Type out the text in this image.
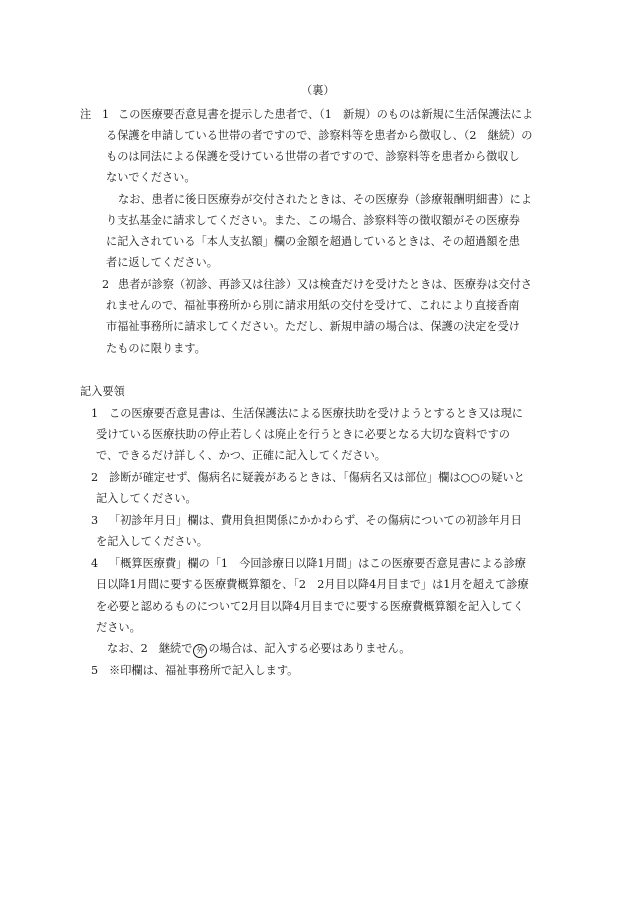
（裏）
注 1 この医療要否意見書を提示した患者で、（1　新規）のものは新規に生活保護法によ
る保護を申請している世帯の者ですので、診察料等を患者から徴収し、（2　継続）の
ものは同法による保護を受けている世帯の者ですので、診察料等を患者から徴収し
ないでください。
なお、患者に後日医療券が交付されたときは、その医療券（診療報酬明細書）によ
り支払基金に請求してください。また、この場合、診察料等の徴収額がその医療券
に記入されている「本人支払額」欄の金額を超過しているときは、その超過額を患
者に返してください。
2 患者が診察（初診、再診又は往診）又は検査だけを受けたときは、医療券は交付さ
れませんので、福祉事務所から別に請求用紙の交付を受けて、これにより直接香南
市福祉事務所に請求してください。ただし、新規申請の場合は、保護の決定を受け
たものに限ります。
記入要領
1 この医療要否意見書は、生活保護法による医療扶助を受けようとするとき又は現に
受けている医療扶助の停止若しくは廃止を行うときに必要となる大切な資料ですの
で、できるだけ詳しく、かつ、正確に記入してください。
2 診断が確定せず、傷病名に疑義があるときは、「傷病名又は部位」欄は○○の疑いと
記入してください。
3 「初診年月日」欄は、費用負担関係にかかわらず、その傷病についての初診年月日
を記入してください。
4 「概算医療費」欄の「1　今回診療日以降1月間」はこの医療要否意見書による診療
日以降1月間に要する医療費概算額を、「2　2月目以降4月目まで」は1月を超えて診療
を必要と認めるものについて2月目以降4月目までに要する医療費概算額を記入してく
ださい。
なお、2　継続で 外 の場合は、記入する必要はありません。
5 ※印欄は、福祉事務所で記入します。
